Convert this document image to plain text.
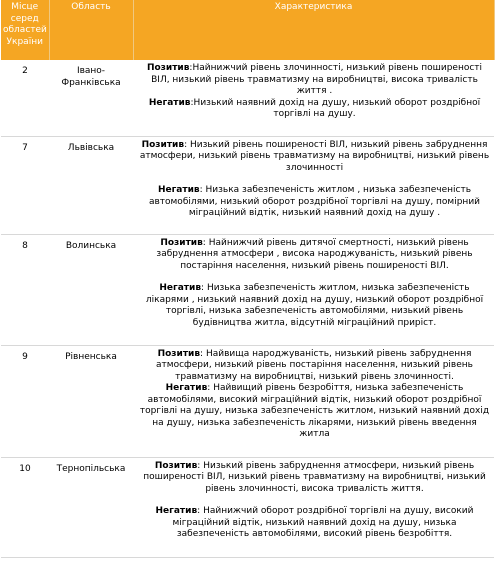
Місце серед областей України	Область	Характеристика
2	Івано-Франківська	Позитив:Найнижчий рівень злочинності, низький рівень поширеності ВІЛ, низький рівень травматизму на виробництві, висока тривалість життя .

Негатив:Низький наявний дохід на душу, низький оборот роздрібної торгівлі на душу.

7	Львівська	Позитив: Низький рівень поширеності ВІЛ, низький рівень забруднення атмосфери, низький рівень травматизму на виробництві, низький рівень злочинності

Негатив: Низька забезпеченість житлом , низька забезпеченість автомобілями, низький оборот роздрібної торгівлі на душу, помірний міграційний відтік, низький наявний дохід на душу .

8	Волинська	Позитив: Найнижчий рівень дитячої смертності, низький рівень забруднення атмосфери , висока народжуваність, низький рівень постаріння населення, низький рівень поширеності ВІЛ.

Негатив: Низька забезпеченість житлом, низька забезпеченість лікарями , низький наявний дохід на душу, низький оборот роздрібної торгівлі, низька забезпеченість автомобілями, низький рівень будівництва житла, відсутній міграційний приріст.

9	Рівненська	Позитив: Найвища народжуваність, низький рівень забруднення атмосфери, низький рівень постаріння населення, низький рівень травматизму на виробництві, низький рівень злочинності.

Негатив: Найвищий рівень безробіття, низька забезпеченість автомобілями, високий міграційний відтік, низький оборот роздрібної торгівлі на душу, низька забезпеченість житлом, низький наявний дохід на душу, низька забезпеченість лікарями, низький рівень введення житла

10	Тернопільська	Позитив: Низький рівень забруднення атмосфери, низький рівень поширеності ВІЛ, низький рівень травматизму на виробництві, низький рівень злочинності, висока тривалість життя.

Негатив: Найнижчий оборот роздрібної торгівлі на душу, високий міграційний відтік, низький наявний дохід на душу, низька забезпеченість автомобілями, високий рівень безробіття.
